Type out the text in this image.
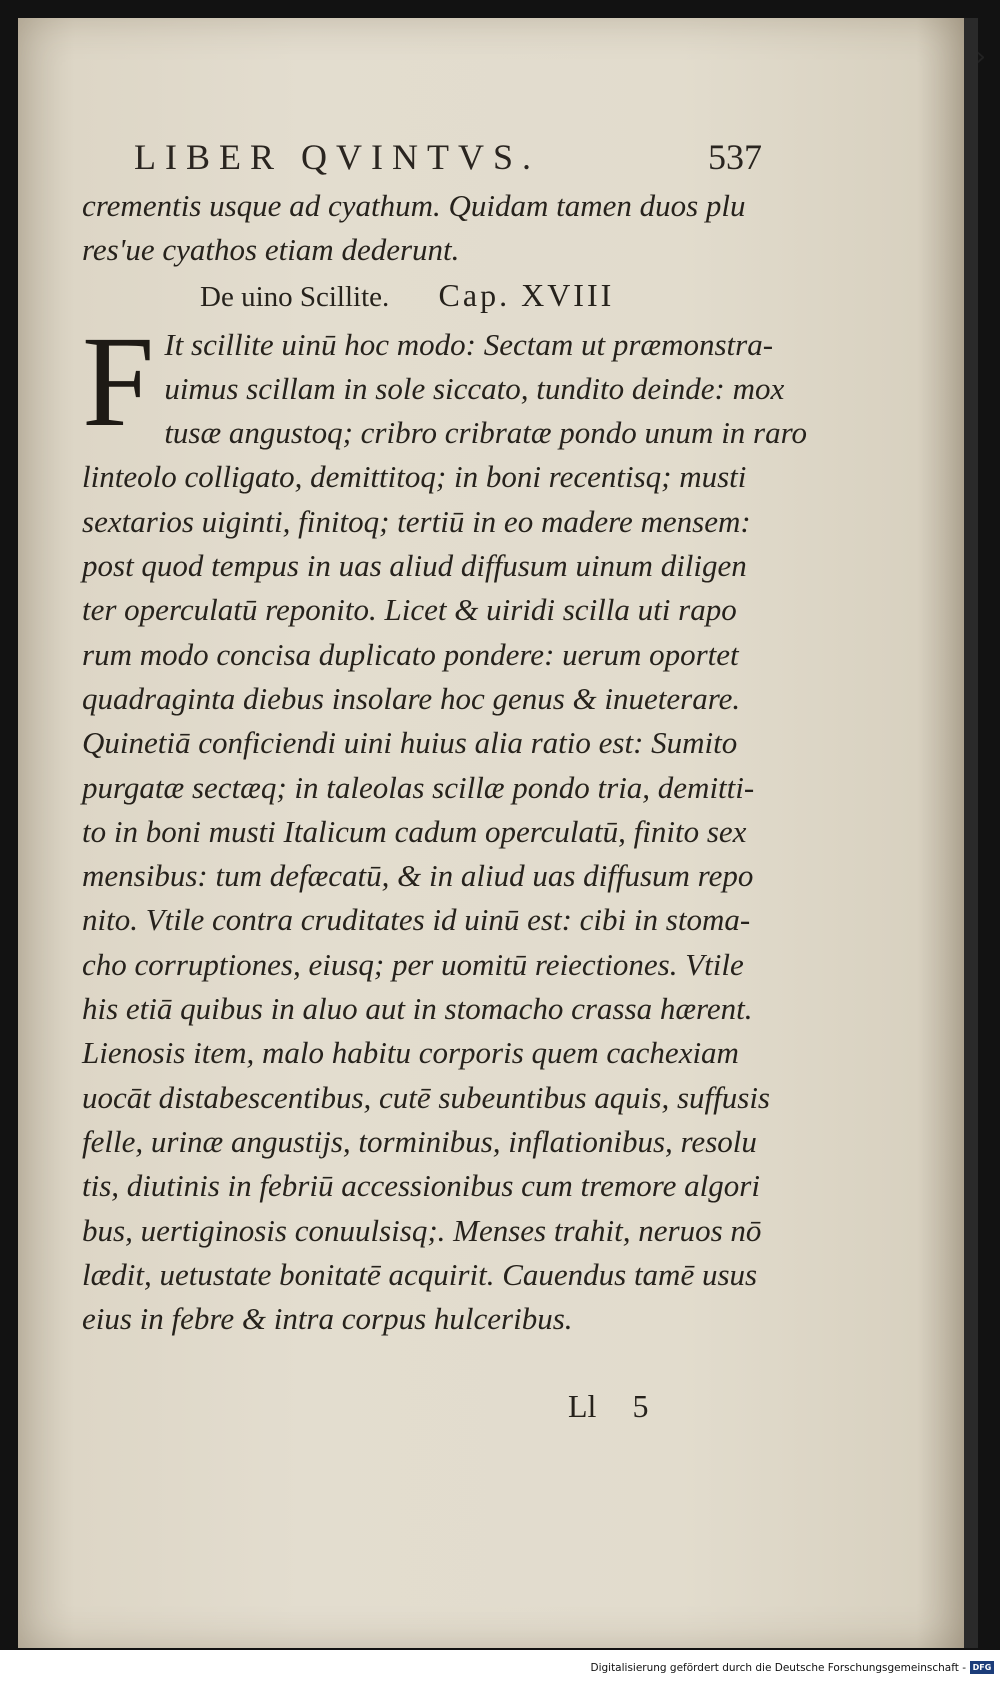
LIBER QVINTVS.	537
crementis usque ad cyathum. Quidam tamen duos plu
res'ue cyathos etiam dederunt.
De uino Scillite. Cap. XVIII
F It scillite uinū hoc modo: Sectam ut præmonstra-
uimus scillam in sole siccato, tundito deinde: mox
tusæ angustoq; cribro cribratæ pondo unum in raro
linteolo colligato, demittitoq; in boni recentisq; musti
sextarios uiginti, finitoq; tertiū in eo madere mensem:
post quod tempus in uas aliud diffusum uinum diligen
ter operculatū reponito. Licet & uiridi scilla uti rapo
rum modo concisa duplicato pondere: uerum oportet
quadraginta diebus insolare hoc genus & inueterare.
Quinetiā conficiendi uini huius alia ratio est: Sumito
purgatæ sectæq; in taleolas scillæ pondo tria, demitti-
to in boni musti Italicum cadum operculatū, finito sex
mensibus: tum defæcatū, & in aliud uas diffusum repo
nito. Vtile contra cruditates id uinū est: cibi in stoma-
cho corruptiones, eiusq; per uomitū reiectiones. Vtile
his etiā quibus in aluo aut in stomacho crassa hærent.
Lienosis item, malo habitu corporis quem cachexiam
uocāt distabescentibus, cutē subeuntibus aquis, suffusis
felle, urinæ angustijs, torminibus, inflationibus, resolu
tis, diutinis in febriū accessionibus cum tremore algori
bus, uertiginosis conuulsisq;. Menses trahit, neruos nō
lædit, uetustate bonitatē acquirit. Cauendus tamē usus
eius in febre & intra corpus hulceribus.
Ll 5
›
Digitalisierung gefördert durch die Deutsche Forschungsgemeinschaft - DFG
